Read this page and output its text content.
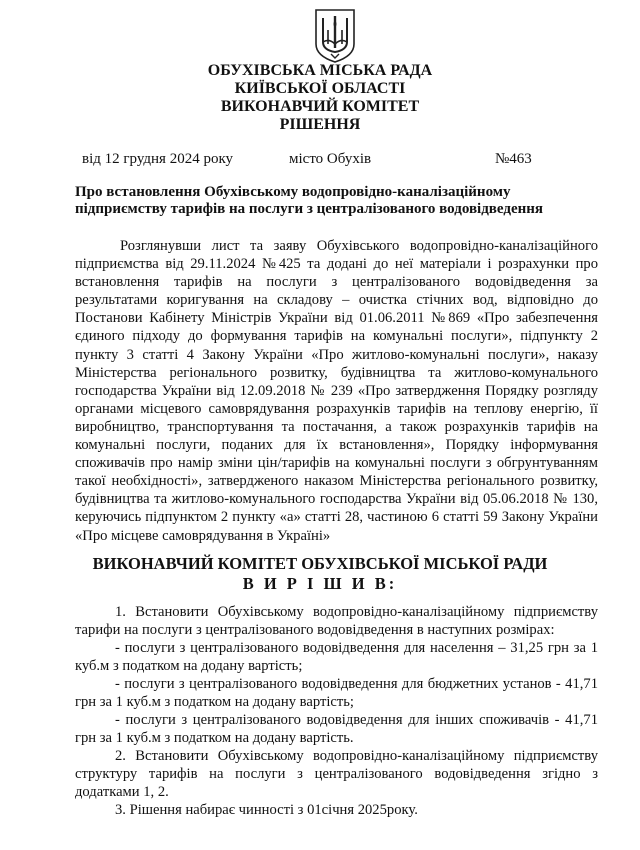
ОБУХІВСЬКА МІСЬКА РАДА
КИЇВСЬКОЇ ОБЛАСТІ
ВИКОНАВЧИЙ КОМІТЕТ
РІШЕННЯ
від 12 грудня 2024 року	місто Обухів	№463
Про встановлення Обухівському водопровідно-каналізаційному
підприємству тарифів на послуги з централізованого водовідведення
Розглянувши лист та заяву Обухівського водопровідно-каналізаційного підприємства від 29.11.2024 №425 та додані до неї матеріали і розрахунки про встановлення тарифів на послуги з централізованого водовідведення за результатами коригування на складову – очистка стічних вод, відповідно до Постанови Кабінету Міністрів України від 01.06.2011 №869 «Про забезпечення єдиного підходу до формування тарифів на комунальні послуги», підпункту 2 пункту 3 статті 4 Закону України «Про житлово-комунальні послуги», наказу Міністерства регіонального розвитку, будівництва та житлово-комунального господарства України від 12.09.2018 № 239 «Про затвердження Порядку розгляду органами місцевого самоврядування розрахунків тарифів на теплову енергію, її виробництво, транспортування та постачання, а також розрахунків тарифів на комунальні послуги, поданих для їх встановлення», Порядку інформування споживачів про намір зміни цін/тарифів на комунальні послуги з обгрунтуванням такої необхідності», затвердженого наказом Міністерства регіонального розвитку, будівництва та житлово-комунального господарства України від 05.06.2018 № 130, керуючись підпунктом 2 пункту «а» статті 28, частиною 6 статті 59 Закону України «Про місцеве самоврядування в Україні»
ВИКОНАВЧИЙ КОМІТЕТ ОБУХІВСЬКОЇ МІСЬКОЇ РАДИ
В И Р І Ш И В:

1. Встановити Обухівському водопровідно-каналізаційному підприємству тарифи на послуги з централізованого водовідведення в наступних розмірах:

- послуги з централізованого водовідведення для населення – 31,25 грн за 1 куб.м з податком на додану вартість;

- послуги з централізованого водовідведення для бюджетних установ - 41,71 грн за 1 куб.м з податком на додану вартість;

- послуги з централізованого водовідведення для інших споживачів - 41,71 грн за 1 куб.м з податком на додану вартість.

2. Встановити Обухівському водопровідно-каналізаційному підприємству структуру тарифів на послуги з централізованого водовідведення згідно з додатками 1, 2.

3. Рішення набирає чинності з 01січня 2025року.
